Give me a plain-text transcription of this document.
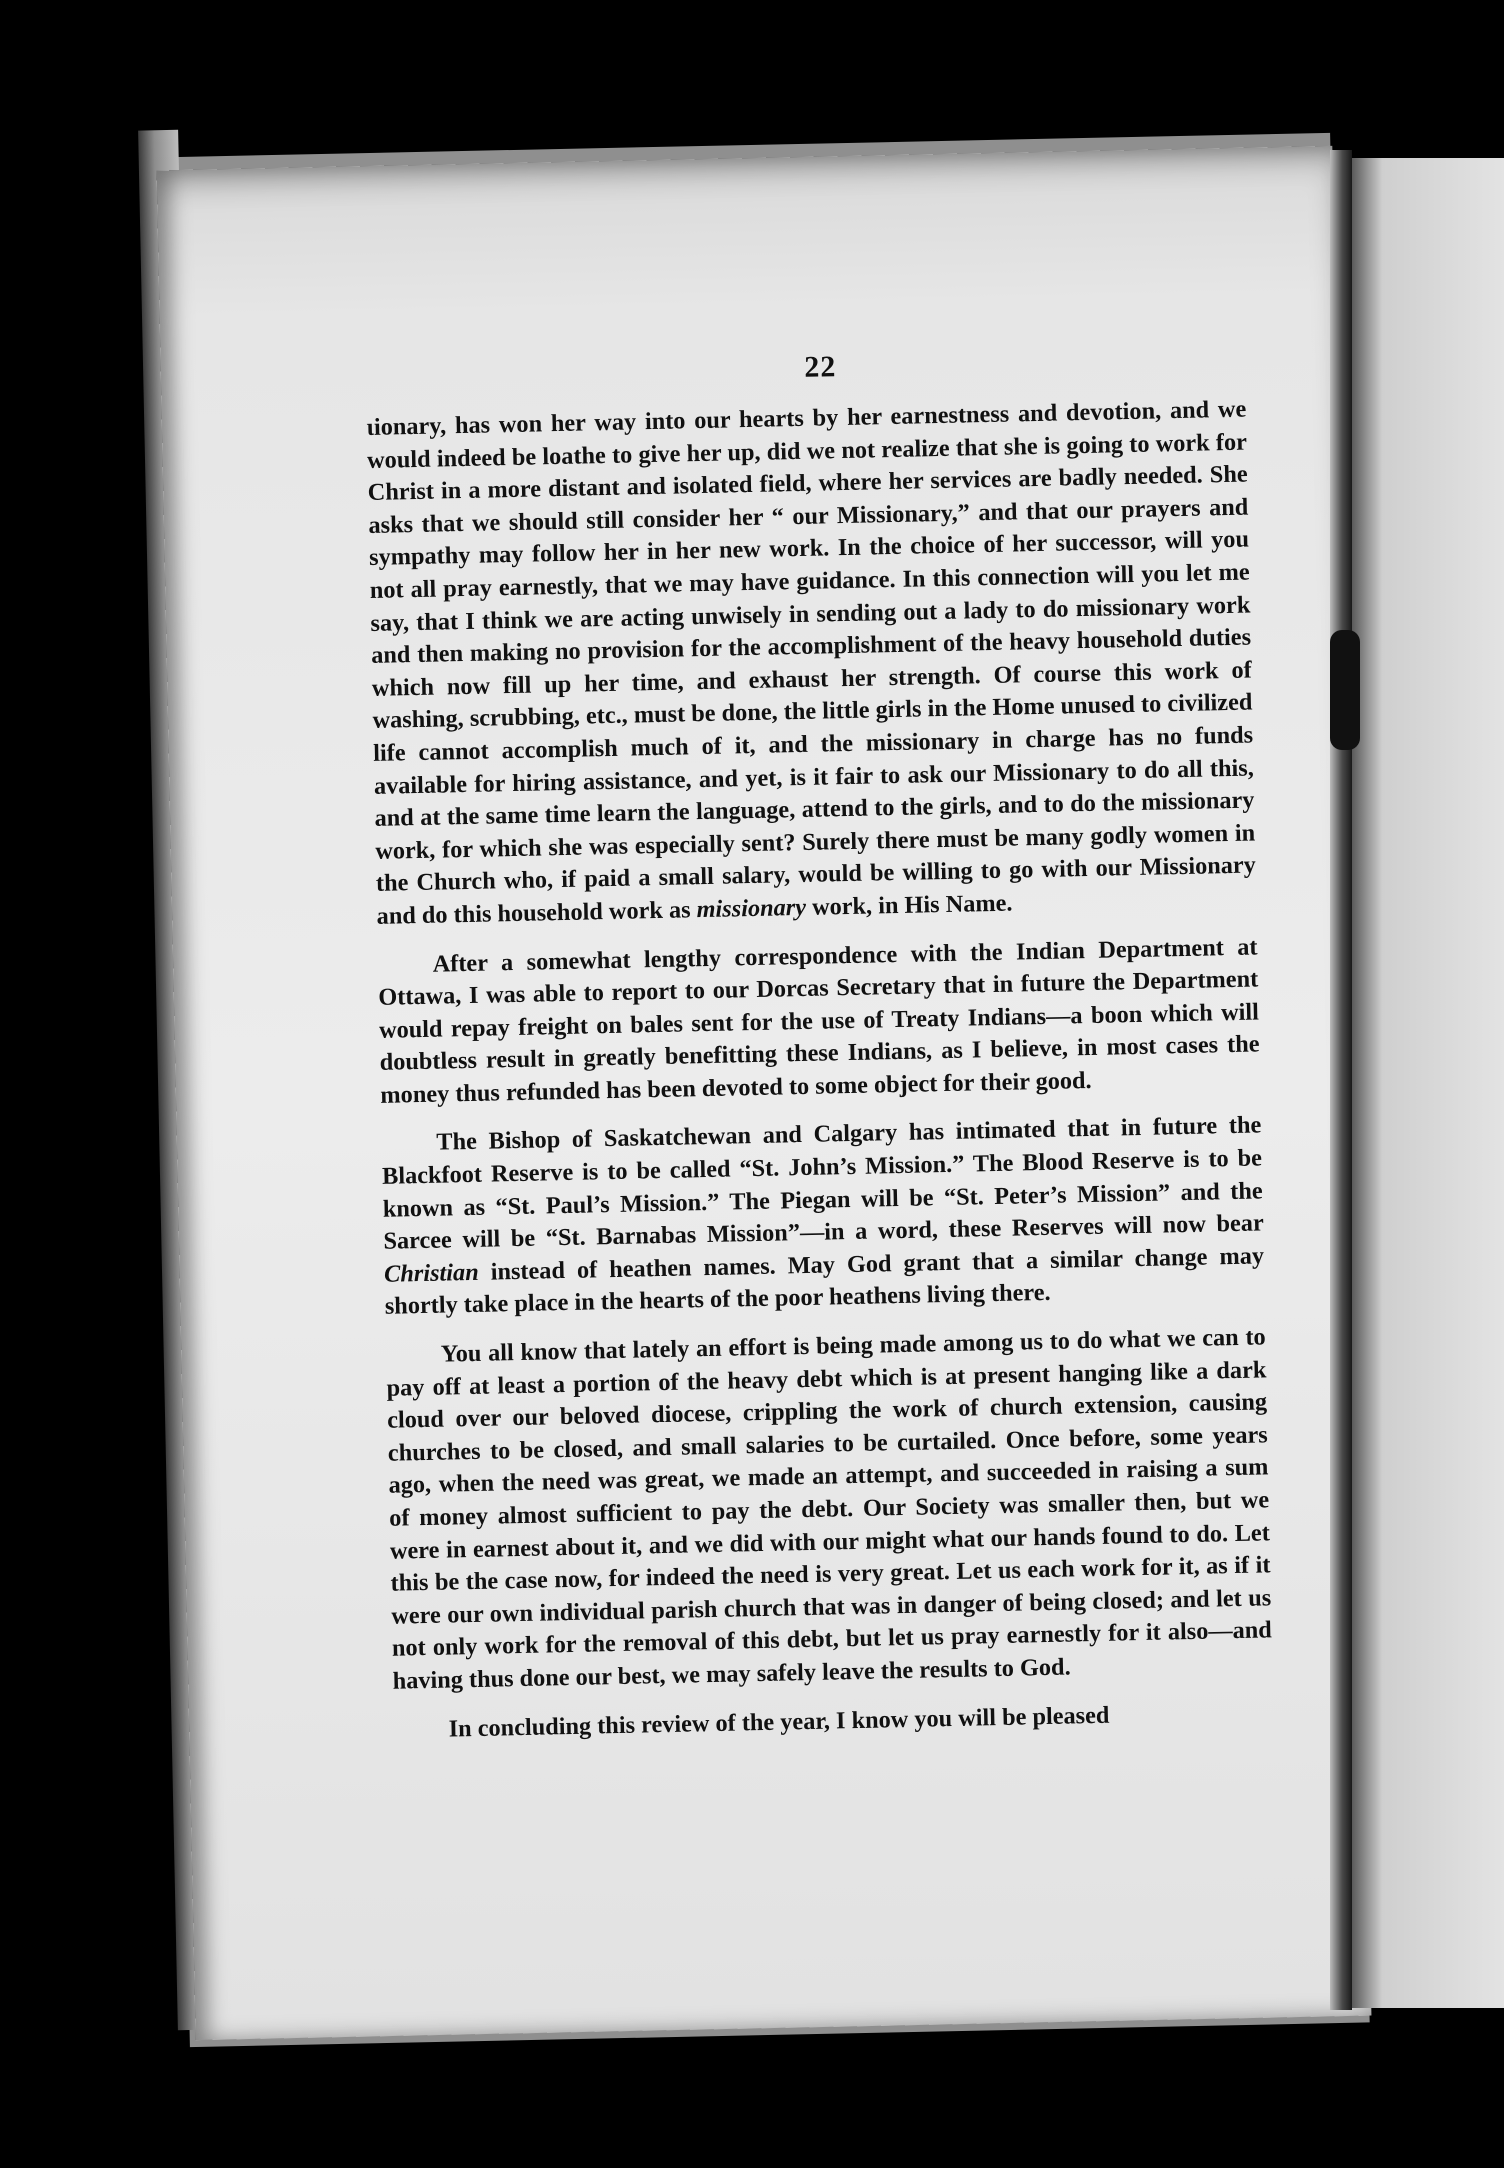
22

ɩionary, has won her way into our hearts by her earnestness and devotion, and we would indeed be loathe to give her up, did we not realize that she is going to work for Christ in a more distant and isolated field, where her services are badly needed. She asks that we should still consider her “ our Missionary,” and that our prayers and sympathy may follow her in her new work. In the choice of her successor, will you not all pray earnestly, that we may have guidance. In this connection will you let me say, that I think we are acting unwisely in sending out a lady to do missionary work and then making no provision for the accomplishment of the heavy household duties which now fill up her time, and exhaust her strength. Of course this work of washing, scrubbing, etc., must be done, the little girls in the Home unused to civilized life cannot accomplish much of it, and the missionary in charge has no funds available for hiring assistance, and yet, is it fair to ask our Missionary to do all this, and at the same time learn the language, attend to the girls, and to do the missionary work, for which she was especially sent? Surely there must be many godly women in the Church who, if paid a small salary, would be willing to go with our Missionary and do this household work as missionary work, in His Name.

After a somewhat lengthy correspondence with the Indian Department at Ottawa, I was able to report to our Dorcas Secretary that in future the Department would repay freight on bales sent for the use of Treaty Indians—a boon which will doubtless result in greatly benefitting these Indians, as I believe, in most cases the money thus refunded has been devoted to some object for their good.

The Bishop of Saskatchewan and Calgary has intimated that in future the Blackfoot Reserve is to be called “St. John’s Mission.” The Blood Reserve is to be known as “St. Paul’s Mission.” The Piegan will be “St. Peter’s Mission” and the Sarcee will be “St. Barnabas Mission”—in a word, these Reserves will now bear Christian instead of heathen names. May God grant that a similar change may shortly take place in the hearts of the poor heathens living there.

You all know that lately an effort is being made among us to do what we can to pay off at least a portion of the heavy debt which is at present hanging like a dark cloud over our beloved diocese, crippling the work of church extension, causing churches to be closed, and small salaries to be curtailed. Once before, some years ago, when the need was great, we made an attempt, and succeeded in raising a sum of money almost sufficient to pay the debt. Our Society was smaller then, but we were in earnest about it, and we did with our might what our hands found to do. Let this be the case now, for indeed the need is very great. Let us each work for it, as if it were our own individual parish church that was in danger of being closed; and let us not only work for the removal of this debt, but let us pray earnestly for it also—and having thus done our best, we may safely leave the results to God.

In concluding this review of the year, I know you will be pleased
